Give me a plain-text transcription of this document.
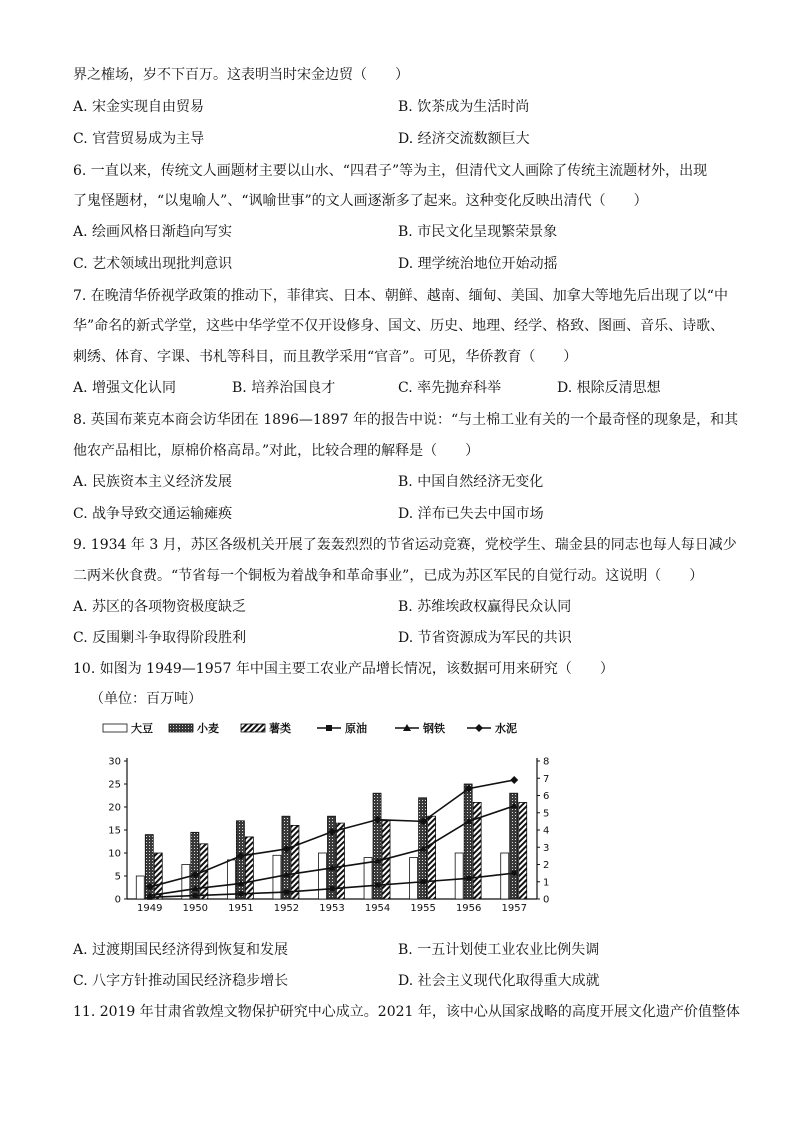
界之榷场，岁不下百万。这表明当时宋金边贸（　　）
A. 宋金实现自由贸易	B. 饮茶成为生活时尚
C. 官营贸易成为主导	D. 经济交流数额巨大
6. 一直以来，传统文人画题材主要以山水、“四君子”等为主，但清代文人画除了传统主流题材外，出现
了鬼怪题材，“以鬼喻人”、“讽喻世事”的文人画逐渐多了起来。这种变化反映出清代（　　）
A. 绘画风格日渐趋向写实	B. 市民文化呈现繁荣景象
C. 艺术领域出现批判意识	D. 理学统治地位开始动摇
7. 在晚清华侨视学政策的推动下，菲律宾、日本、朝鲜、越南、缅甸、美国、加拿大等地先后出现了以“中
华”命名的新式学堂，这些中华学堂不仅开设修身、国文、历史、地理、经学、格致、图画、音乐、诗歌、
刺绣、体育、字课、书札等科目，而且教学采用“官音”。可见，华侨教育（　　）
A. 增强文化认同	B. 培养治国良才	C. 率先抛弃科举	D. 根除反清思想
8. 英国布莱克本商会访华团在 1896—1897 年的报告中说：“与土棉工业有关的一个最奇怪的现象是，和其
他农产品相比，原棉价格高昂。”对此，比较合理的解释是（　　）
A. 民族资本主义经济发展	B. 中国自然经济无变化
C. 战争导致交通运输瘫痪	D. 洋布已失去中国市场
9. 1934 年 3 月，苏区各级机关开展了轰轰烈烈的节省运动竞赛，党校学生、瑞金县的同志也每人每日减少
二两米伙食费。“节省每一个铜板为着战争和革命事业”，已成为苏区军民的自觉行动。这说明（　　）
A. 苏区的各项物资极度缺乏	B. 苏维埃政权赢得民众认同
C. 反围剿斗争取得阶段胜利	D. 节省资源成为军民的共识
10. 如图为 1949—1957 年中国主要工农业产品增长情况，该数据可用来研究（　　）
（单位：百万吨）
大豆	小麦	薯类	原油	钢铁	水泥
0
5
10
15
20
25
30
0
1
2
3
4
5
6
7
8
1949 1950 1951 1952 1953 1954 1955 1956 1957
A. 过渡期国民经济得到恢复和发展	B. 一五计划使工业农业比例失调
C. 八字方针推动国民经济稳步增长	D. 社会主义现代化取得重大成就
11. 2019 年甘肃省敦煌文物保护研究中心成立。2021 年，该中心从国家战略的高度开展文化遗产价值整体
